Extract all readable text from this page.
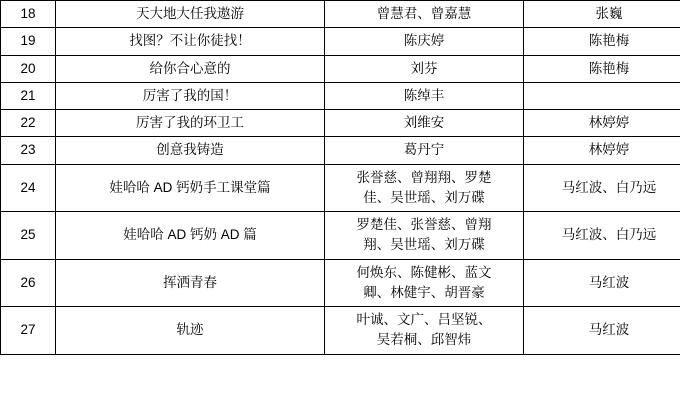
18	天大地大任我遨游	曾慧君、曾嘉慧	张巍

19	找图？不让你徒找！	陈庆婷	陈艳梅

20	给你合心意的	刘芬	陈艳梅

21	厉害了我的国！	陈绰丰	

22	厉害了我的环卫工	刘维安	林婷婷

23	创意我铸造	葛丹宁	林婷婷

24	娃哈哈 AD 钙奶手工课堂篇	张誉慈、曾翔翔、罗楚
佳、吴世瑶、刘万碟	马红波、白乃远

25	娃哈哈 AD 钙奶 AD 篇	罗楚佳、张誉慈、曾翔
翔、吴世瑶、刘万碟	马红波、白乃远

26	挥洒青春	何焕东、陈健彬、蓝文
卿、林健宇、胡晋豪	马红波

27	轨迹	叶诚、文广、吕坚锐、
吴若桐、邱智炜	马红波
